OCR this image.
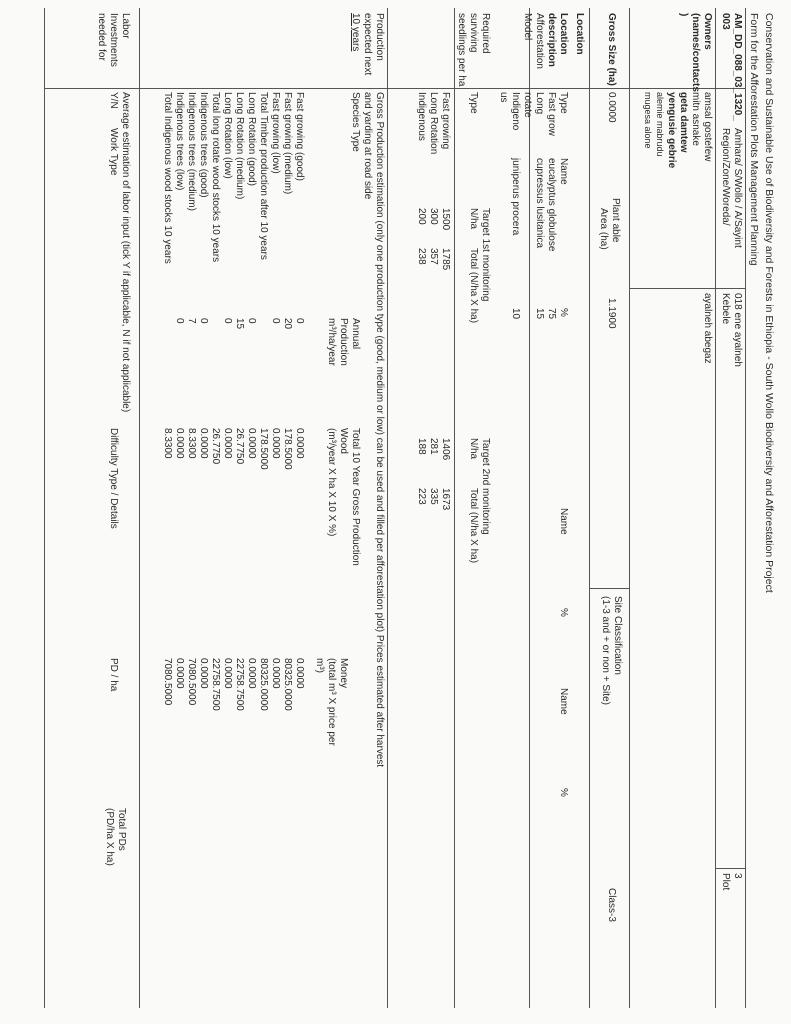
Conservation and Sustainable Use of Biodiversity and Forests in Ethiopia - South Wollo Biodiversity and Afforestation Project
Form for the Afforestation Plots Management Planning
AM_DD_088_03_1320_
003
Amhara/ S/Wollo / A/Sayint
Region/Zone/Woreda/
018 ene ayalneh
Kebele
3
Plot
Owners
(names/contacts
)
amsal gostefew
mitn asnake
geta damtew
yengusie gebrie
alemie mabrudu
mugesa alone
ayalneh abegaz
Gross Size (ha)
0.0000
Plant able
Area (ha)
1.1900
Site Classification
(1-3 and + or non + Site)
Class-3
Location
Location
description
Afforestation
Model
Type
Name
%
Name
%
Name
%
Fast grow
eucalyptus globulose
75
Long
cupressus lusitanica
15
rotate
Indigeno
juniperus procera
10
us
Required
surviving
seedlings per ha
Target 1st monitoring
Target 2nd monitoring
Type
N/ha
Total (N/ha X ha)
N/ha
Total (N/ha X ha)
Fast growing
1500
1785
1406
1673
Long Rotation
300
357
281
335
Indigenous
200
238
188
223
Production
expected next
10 years
Gross Production estimation (only one production type (good, medium or low) can be used and filled per afforestation plot) Prices estimated after harvest
and yarding at road side
Species Type
Annual
Production
m³/ha/year
Total 10 Year Gross Production
Wood
(m³/year X ha X 10 X %)
Money
(total m³ X price per
m³)
Fast growing (good)
0
0.0000
0.0000
Fast growing (medium)
20
178.5000
80325.0000
Fast growing (low)
0
0.0000
0.0000
Total Timber production after 10 years
178.5000
80325.0000
Long Rotation (good)
0
0.0000
0.0000
Long Rotation (medium)
15
26.7750
22758.7500
Long Rotation (low)
0
0.0000
0.0000
Total long rotate wood stocks 10 years
26.7750
22758.7500
Indigenous trees (good)
0
0.0000
0.0000
Indigenous trees (medium)
7
8.3300
7080.5000
Indigenous trees (low)
0
0.0000
0.0000
Total Indigenous wood stocks 10 years
8.3300
7080.5000
Labor
Investments
needed for
Average estimation of labor input (tick Y if applicable, N if not applicable)
Y/N
Work Type
Difficulty Type / Details
PD / ha
Total PDs
(PD/ha X ha)
